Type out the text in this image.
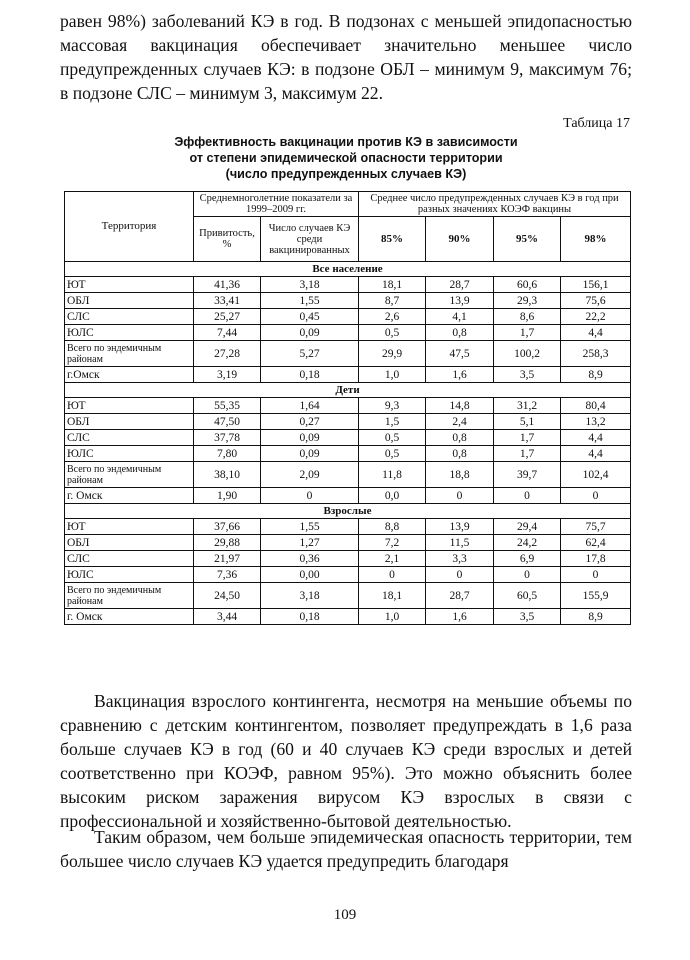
равен 98%) заболеваний КЭ в год. В подзонах с меньшей эпидопасностью массовая вакцинация обеспечивает значительно меньшее число предупрежденных случаев КЭ: в подзоне ОБЛ – минимум 9, максимум 76; в подзоне СЛС – минимум 3, максимум 22.

Таблица 17

Эффективность вакцинации против КЭ в зависимости
от степени эпидемической опасности территории
(число предупрежденных случаев КЭ)
Территория	Среднемноголетние показатели за 1999–2009 гг.		Среднее число предупрежденных случаев КЭ в год при разных значениях КОЭФ вакцины			
	Привитость, %	Число случаев КЭ среди вакцинированных	85%	90%	95%	98%
Все население						
ЮТ	41,36	3,18	18,1	28,7	60,6	156,1
ОБЛ	33,41	1,55	8,7	13,9	29,3	75,6
СЛС	25,27	0,45	2,6	4,1	8,6	22,2
ЮЛС	7,44	0,09	0,5	0,8	1,7	4,4
Всего по эндемичным районам	27,28	5,27	29,9	47,5	100,2	258,3
г.Омск	3,19	0,18	1,0	1,6	3,5	8,9
Дети						
ЮТ	55,35	1,64	9,3	14,8	31,2	80,4
ОБЛ	47,50	0,27	1,5	2,4	5,1	13,2
СЛС	37,78	0,09	0,5	0,8	1,7	4,4
ЮЛС	7,80	0,09	0,5	0,8	1,7	4,4
Всего по эндемичным районам	38,10	2,09	11,8	18,8	39,7	102,4
г. Омск	1,90	0	0,0	0	0	0
Взрослые						
ЮТ	37,66	1,55	8,8	13,9	29,4	75,7
ОБЛ	29,88	1,27	7,2	11,5	24,2	62,4
СЛС	21,97	0,36	2,1	3,3	6,9	17,8
ЮЛС	7,36	0,00	0	0	0	0
Всего по эндемичным районам	24,50	3,18	18,1	28,7	60,5	155,9
г. Омск	3,44	0,18	1,0	1,6	3,5	8,9

Вакцинация взрослого контингента, несмотря на меньшие объемы по сравнению с детским контингентом, позволяет предупреждать в 1,6 раза больше случаев КЭ в год (60 и 40 случаев КЭ среди взрослых и детей соответственно при КОЭФ, равном 95%). Это можно объяснить более высоким риском заражения вирусом КЭ взрослых в связи с профессиональной и хозяйственно-бытовой деятельностью.

Таким образом, чем больше эпидемическая опасность территории, тем большее число случаев КЭ удается предупредить благодаря

109
